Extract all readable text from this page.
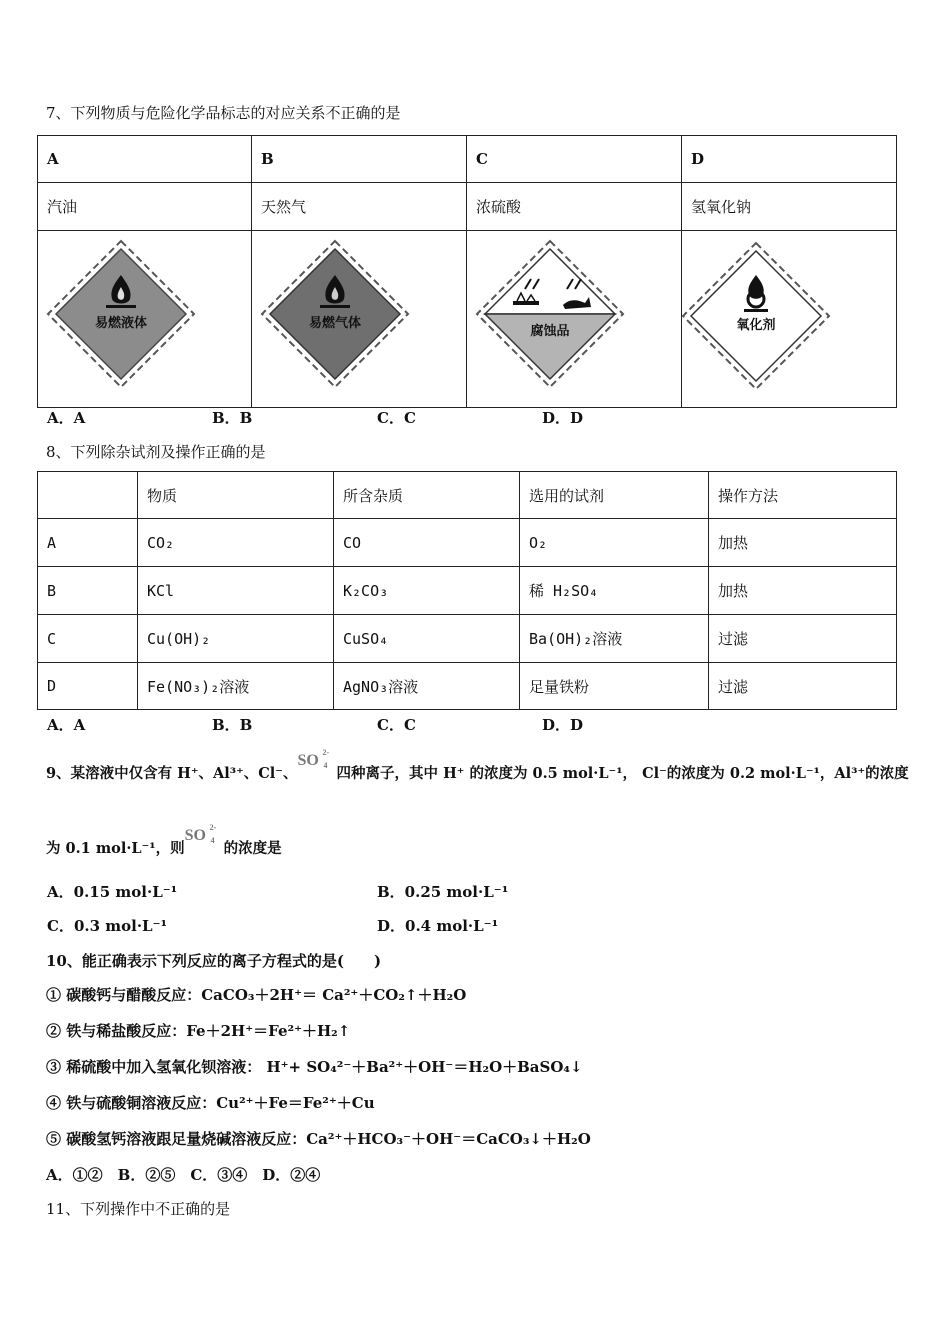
7、下列物质与危险化学品标志的对应关系不正确的是
A	B	C	D
汽油	天然气	浓硫酸	氢氧化钠

易燃液体	易燃气体	腐蚀品	氧化剂
A．A	B．B	C．C	D．D
8、下列除杂试剂及操作正确的是
	物质	所含杂质	选用的试剂	操作方法
A	CO₂	CO	O₂	加热
B	KCl	K₂CO₃	稀 H₂SO₄	加热
C	Cu(OH)₂	CuSO₄	Ba(OH)₂溶液	过滤
D	Fe(NO₃)₂溶液	AgNO₃溶液	足量铁粉	过滤
A．A	B．B	C．C	D．D
9、某溶液中仅含有 H⁺、Al³⁺、Cl⁻、
SO 2-
4 四种离子，其中 H⁺ 的浓度为 0.5 mol·L⁻¹， Cl⁻的浓度为 0.2 mol·L⁻¹，Al³⁺的浓度
为 0.1 mol·L⁻¹，则
SO 2-
4 的浓度是
A．0.15 mol·L⁻¹	B．0.25 mol·L⁻¹
C．0.3 mol·L⁻¹	D．0.4 mol·L⁻¹
10、能正确表示下列反应的离子方程式的是(　　)
① 碳酸钙与醋酸反应：CaCO₃＋2H⁺＝ Ca²⁺＋CO₂↑＋H₂O
② 铁与稀盐酸反应：Fe＋2H⁺＝Fe²⁺＋H₂↑
③ 稀硫酸中加入氢氧化钡溶液： H⁺+ SO₄²⁻＋Ba²⁺＋OH⁻＝H₂O＋BaSO₄↓
④ 铁与硫酸铜溶液反应：Cu²⁺＋Fe＝Fe²⁺＋Cu
⑤ 碳酸氢钙溶液跟足量烧碱溶液反应：Ca²⁺＋HCO₃⁻＋OH⁻＝CaCO₃↓＋H₂O
A．①②　B．②⑤　C．③④　D．②④
11、下列操作中不正确的是
